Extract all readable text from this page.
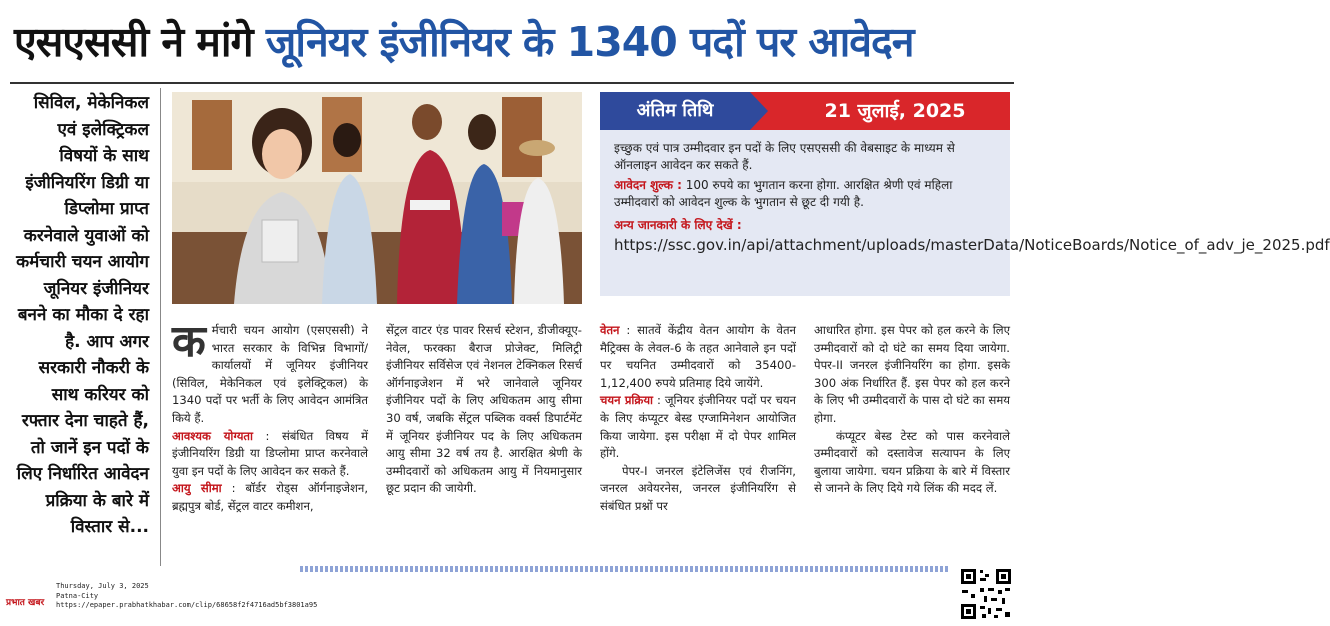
एसएससी ने मांगे जूनियर इंजीनियर के 1340 पदों पर आवेदन
सिविल, मेकेनिकल एवं इलेक्ट्रिकल विषयों के साथ इंजीनियरिंग डिग्री या डिप्लोमा प्राप्त करनेवाले युवाओं को कर्मचारी चयन आयोग जूनियर इंजीनियर बनने का मौका दे रहा है. आप अगर सरकारी नौकरी के साथ करियर को रफ्तार देना चाहते हैं, तो जानें इन पदों के लिए निर्धारित आवेदन प्रक्रिया के बारे में विस्तार से...
अंतिम तिथि	21 जुलाई, 2025
इच्छुक एवं पात्र उम्मीदवार इन पदों के लिए एसएससी की वेबसाइट के माध्यम से ऑनलाइन आवेदन कर सकते हैं.
आवेदन शुल्क : 100 रुपये का भुगतान करना होगा. आरक्षित श्रेणी एवं महिला उम्मीदवारों को आवेदन शुल्क के भुगतान से छूट दी गयी है.
अन्य जानकारी के लिए देखें : https://ssc.gov.in/api/attachment/uploads/masterData/NoticeBoards/Notice_of_adv_je_2025.pdf
कर्मचारी चयन आयोग (एसएससी) ने भारत सरकार के विभिन्न विभागों/ कार्यालयों में जूनियर इंजीनियर (सिविल, मेकेनिकल एवं इलेक्ट्रिकल) के 1340 पदों पर भर्ती के लिए आवेदन आमंत्रित किये हैं.
आवश्यक योग्यता : संबंधित विषय में इंजीनियरिंग डिग्री या डिप्लोमा प्राप्त करनेवाले युवा इन पदों के लिए आवेदन कर सकते हैं.
आयु सीमा : बॉर्डर रोड्स ऑर्गनाइजेशन, ब्रह्मपुत्र बोर्ड, सेंट्रल वाटर कमीशन,
सेंट्रल वाटर एंड पावर रिसर्च स्टेशन, डीजीक्यूए-नेवेल, फरक्का बैराज प्रोजेक्ट, मिलिट्री इंजीनियर सर्विसेज एवं नेशनल टेक्निकल रिसर्च ऑर्गनाइजेशन में भरे जानेवाले जूनियर इंजीनियर पदों के लिए अधिकतम आयु सीमा 30 वर्ष, जबकि सेंट्रल पब्लिक वर्क्स डिपार्टमेंट में जूनियर इंजीनियर पद के लिए अधिकतम आयु सीमा 32 वर्ष तय है. आरक्षित श्रेणी के उम्मीदवारों को अधिकतम आयु में नियमानुसार छूट प्रदान की जायेगी.
वेतन : सातवें केंद्रीय वेतन आयोग के वेतन मैट्रिक्स के लेवल-6 के तहत आनेवाले इन पदों पर चयनित उम्मीदवारों को 35400-1,12,400 रुपये प्रतिमाह दिये जायेंगे.
चयन प्रक्रिया : जूनियर इंजीनियर पदों पर चयन के लिए कंप्यूटर बेस्ड एग्जामिनेशन आयोजित किया जायेगा. इस परीक्षा में दो पेपर शामिल होंगे.
पेपर-I जनरल इंटेलिजेंस एवं रीजनिंग, जनरल अवेयरनेस, जनरल इंजीनियरिंग से संबंधित प्रश्नों पर
आधारित होगा. इस पेपर को हल करने के लिए उम्मीदवारों को दो घंटे का समय दिया जायेगा. पेपर-II जनरल इंजीनियरिंग का होगा. इसके 300 अंक निर्धारित हैं. इस पेपर को हल करने के लिए भी उम्मीदवारों के पास दो घंटे का समय होगा.
कंप्यूटर बेस्ड टेस्ट को पास करनेवाले उम्मीदवारों को दस्तावेज सत्यापन के लिए बुलाया जायेगा. चयन प्रक्रिया के बारे में विस्तार से जानने के लिए दिये गये लिंक की मदद लें.
प्रभात खबर
Thursday, July 3, 2025
Patna-City
https://epaper.prabhatkhabar.com/clip/68658f2f4716ad5bf3801a95
